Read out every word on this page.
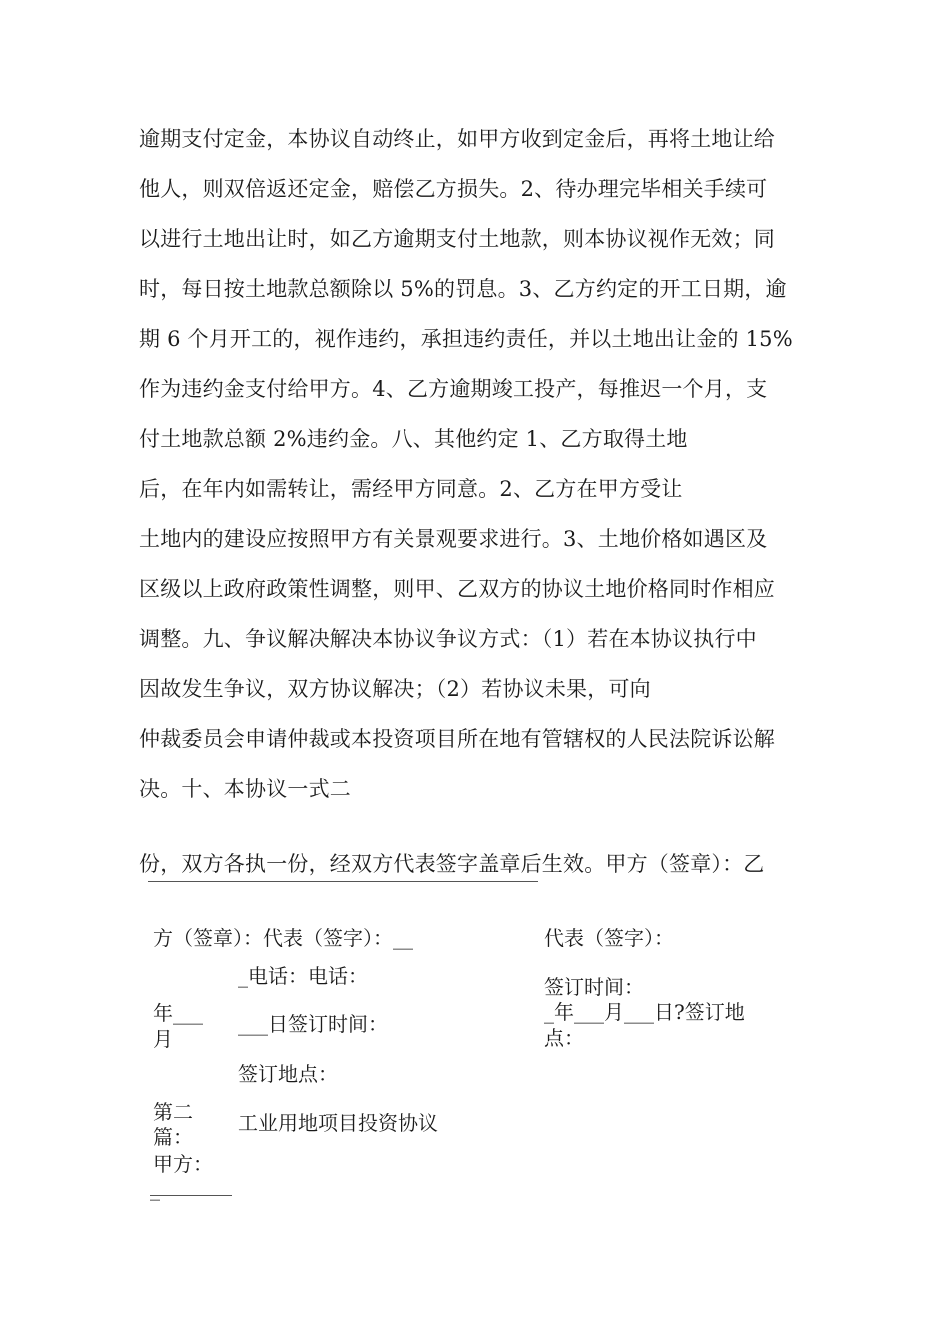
逾期支付定金，本协议自动终止，如甲方收到定金后，再将土地让给
他人，则双倍返还定金，赔偿乙方损失。2、待办理完毕相关手续可
以进行土地出让时，如乙方逾期支付土地款，则本协议视作无效；同
时，每日按土地款总额除以 5%的罚息。3、乙方约定的开工日期，逾
期 6 个月开工的，视作违约，承担违约责任，并以土地出让金的 15%
作为违约金支付给甲方。4、乙方逾期竣工投产，每推迟一个月，支
付土地款总额 2%违约金。八、其他约定 1、乙方取得土地
后，在年内如需转让，需经甲方同意。2、乙方在甲方受让
土地内的建设应按照甲方有关景观要求进行。3、土地价格如遇区及
区级以上政府政策性调整，则甲、乙双方的协议土地价格同时作相应
调整。九、争议解决解决本协议争议方式：（1）若在本协议执行中
因故发生争议，双方协议解决；（2）若协议未果，可向
仲裁委员会申请仲裁或本投资项目所在地有管辖权的人民法院诉讼解
决。十、本协议一式二
份，双方各执一份，经双方代表签字盖章后生效。甲方（签章）：乙
方（签章）：代表（签字）：__
_电话：电话：
年___
月
___日签订时间：
签订地点：
第二
篇：
工业用地项目投资协议
甲方：
_
代表（签字）：
签订时间：
_年___月___日?签订地
点：
